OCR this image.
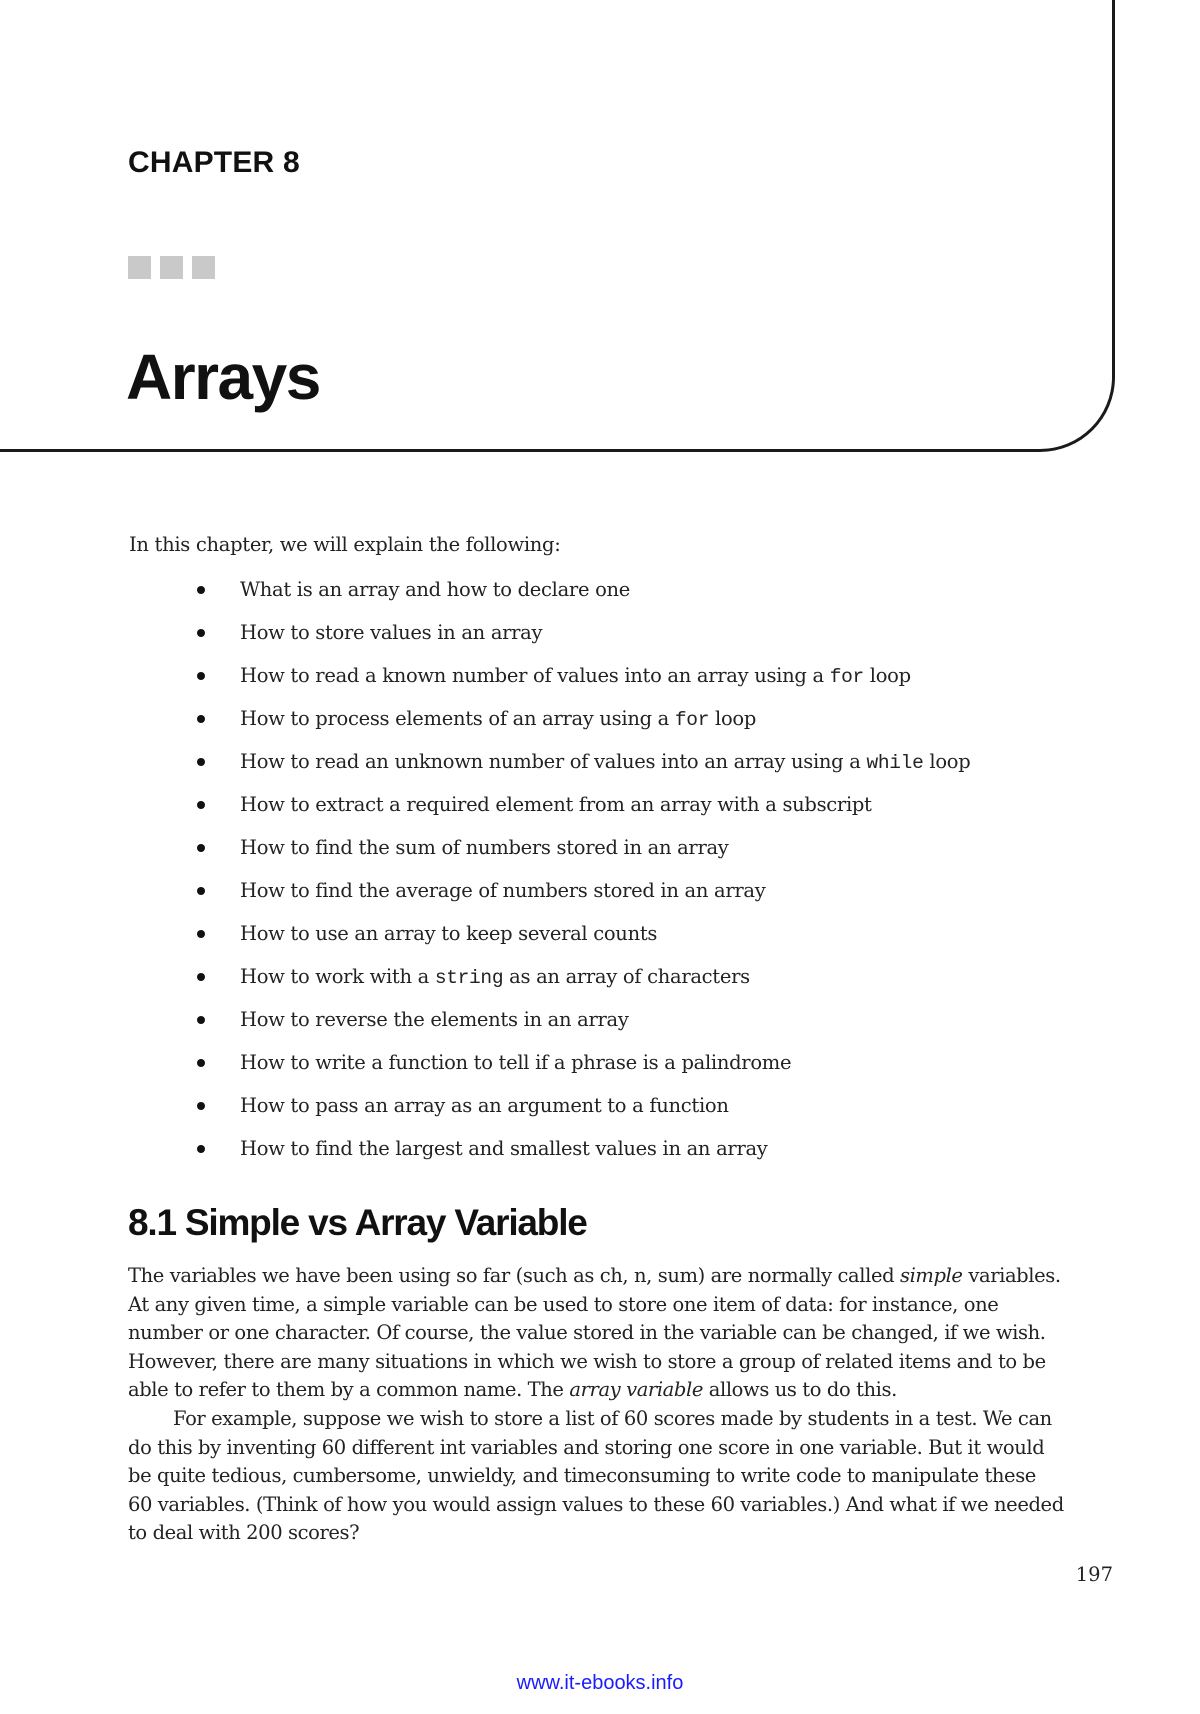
CHAPTER 8
Arrays
In this chapter, we will explain the following:
What is an array and how to declare one
How to store values in an array
How to read a known number of values into an array using a for loop
How to process elements of an array using a for loop
How to read an unknown number of values into an array using a while loop
How to extract a required element from an array with a subscript
How to find the sum of numbers stored in an array
How to find the average of numbers stored in an array
How to use an array to keep several counts
How to work with a string as an array of characters
How to reverse the elements in an array
How to write a function to tell if a phrase is a palindrome
How to pass an array as an argument to a function
How to find the largest and smallest values in an array
8.1 Simple vs Array Variable
The variables we have been using so far (such as ch, n, sum) are normally called simple variables.
At any given time, a simple variable can be used to store one item of data: for instance, one
number or one character. Of course, the value stored in the variable can be changed, if we wish.
However, there are many situations in which we wish to store a group of related items and to be
able to refer to them by a common name. The array variable allows us to do this.
For example, suppose we wish to store a list of 60 scores made by students in a test. We can
do this by inventing 60 different int variables and storing one score in one variable. But it would
be quite tedious, cumbersome, unwieldy, and timeconsuming to write code to manipulate these
60 variables. (Think of how you would assign values to these 60 variables.) And what if we needed
to deal with 200 scores?
197
www.it-ebooks.info
